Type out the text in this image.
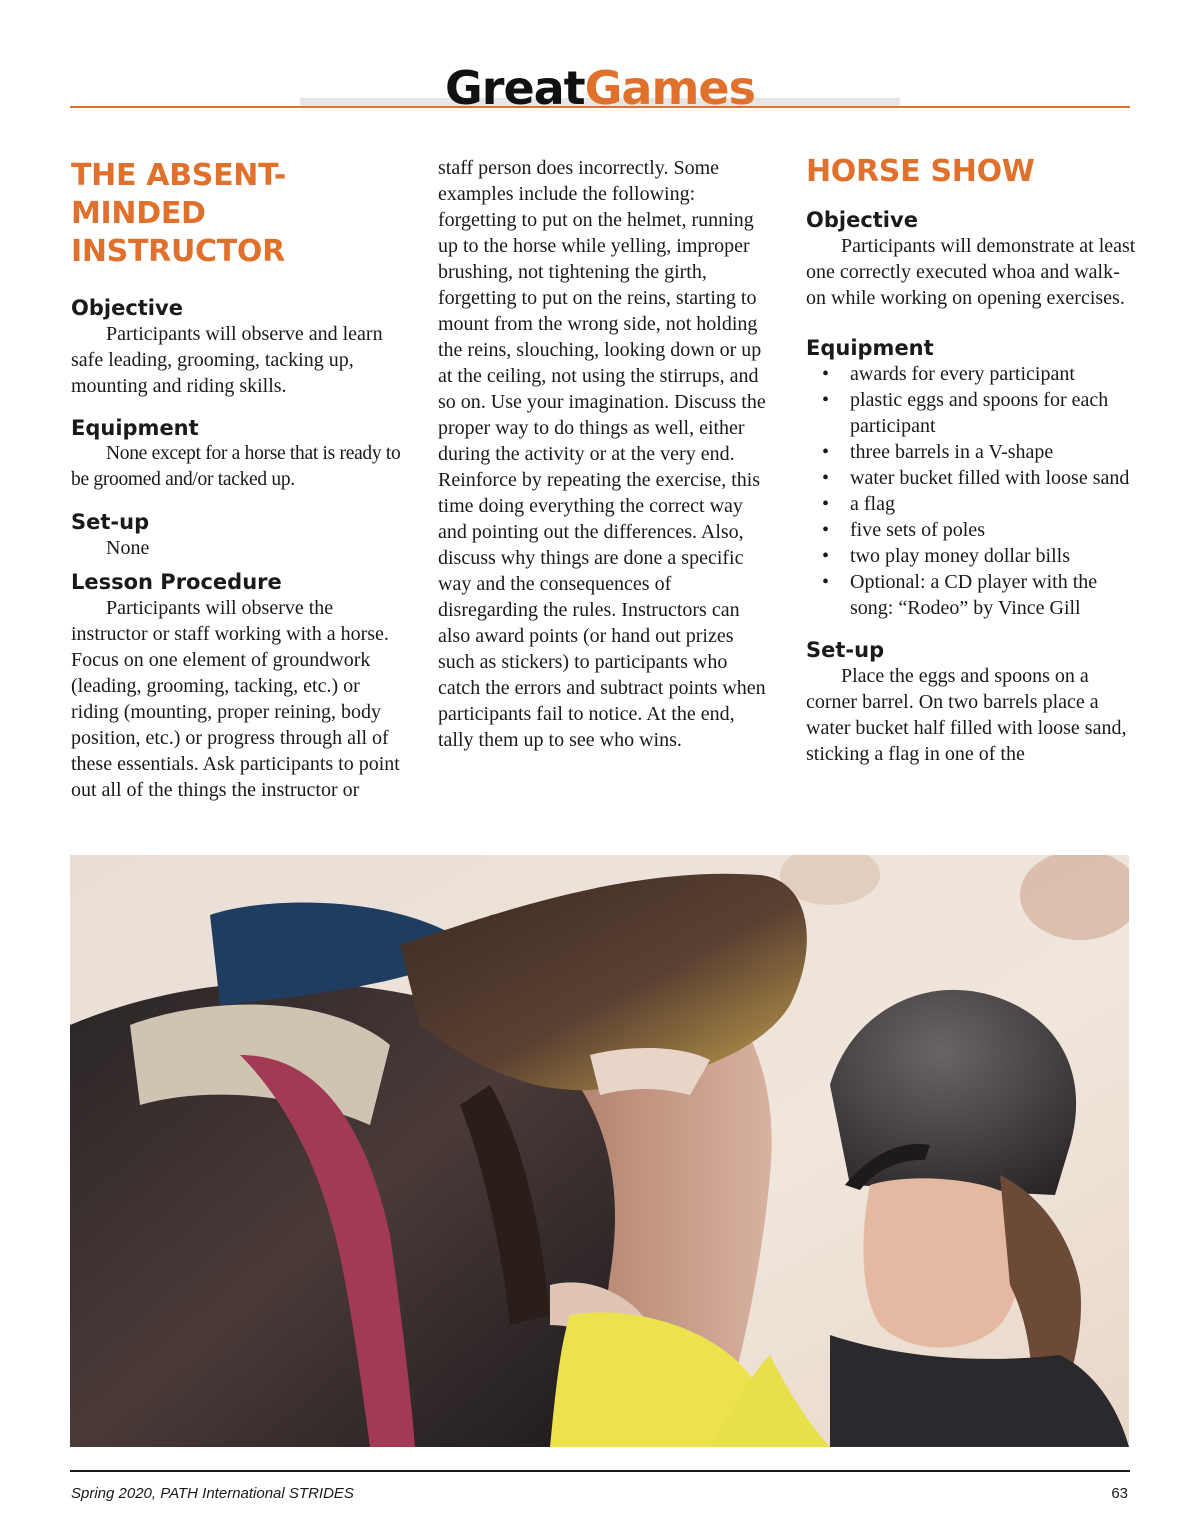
GreatGames
THE ABSENT-MINDED INSTRUCTOR
Objective

Participants will observe and learn safe leading, grooming, tacking up, mounting and riding skills.

Equipment

None except for a horse that is ready to be groomed and/or tacked up.

Set-up

None

Lesson Procedure

Participants will observe the instructor or staff working with a horse. Focus on one element of groundwork (leading, grooming, tacking, etc.) or riding (mounting, proper reining, body position, etc.) or progress through all of these essentials. Ask participants to point out all of the things the instructor or

staff person does incorrectly. Some examples include the following: forgetting to put on the helmet, running up to the horse while yelling, improper brushing, not tightening the girth, forgetting to put on the reins, starting to mount from the wrong side, not holding the reins, slouching, looking down or up at the ceiling, not using the stirrups, and so on. Use your imagination. Discuss the proper way to do things as well, either during the activity or at the very end. Reinforce by repeating the exercise, this time doing everything the correct way and pointing out the differences. Also, discuss why things are done a specific way and the consequences of disregarding the rules. Instructors can also award points (or hand out prizes such as stickers) to participants who catch the errors and subtract points when participants fail to notice. At the end, tally them up to see who wins.

HORSE SHOW
Objective

Participants will demonstrate at least one correctly executed whoa and walk-on while working on opening exercises.

Equipment
• awards for every participant
• plastic eggs and spoons for each participant
• three barrels in a V-shape
• water bucket filled with loose sand
• a flag
• five sets of poles
• two play money dollar bills
• Optional: a CD player with the song: “Rodeo” by Vince Gill
Set-up

Place the eggs and spoons on a corner barrel. On two barrels place a water bucket half filled with loose sand, sticking a flag in one of the

Spring 2020, PATH International STRIDES	63
